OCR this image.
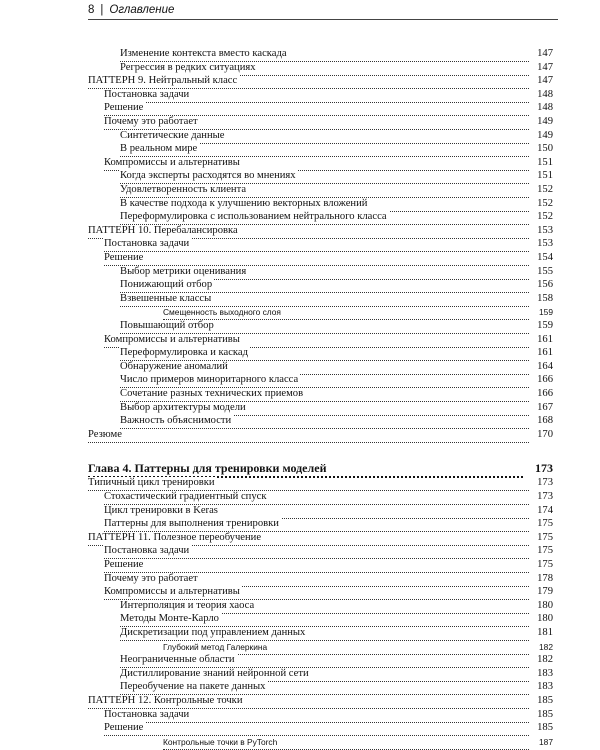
8 | Оглавление
Изменение контекста вместо каскада	147
Регрессия в редких ситуациях	147
ПАТТЕРН 9. Нейтральный класс	147
Постановка задачи	148
Решение	148
Почему это работает	149
Синтетические данные	149
В реальном мире	150
Компромиссы и альтернативы	151
Когда эксперты расходятся во мнениях	151
Удовлетворенность клиента	152
В качестве подхода к улучшению векторных вложений	152
Переформулировка с использованием нейтрального класса	152
ПАТТЕРН 10. Перебалансировка	153
Постановка задачи	153
Решение	154
Выбор метрики оценивания	155
Понижающий отбор	156
Взвешенные классы	158
Смещенность выходного слоя	159
Повышающий отбор	159
Компромиссы и альтернативы	161
Переформулировка и каскад	161
Обнаружение аномалий	164
Число примеров миноритарного класса	166
Сочетание разных технических приемов	166
Выбор архитектуры модели	167
Важность объяснимости	168
Резюме	170
Глава 4. Паттерны для тренировки моделей	173
Типичный цикл тренировки	173
Стохастический градиентный спуск	173
Цикл тренировки в Keras	174
Паттерны для выполнения тренировки	175
ПАТТЕРН 11. Полезное переобучение	175
Постановка задачи	175
Решение	175
Почему это работает	178
Компромиссы и альтернативы	179
Интерполяция и теория хаоса	180
Методы Монте-Карло	180
Дискретизации под управлением данных	181
Глубокий метод Галеркина	182
Неограниченные области	182
Дистиллирование знаний нейронной сети	183
Переобучение на пакете данных	183
ПАТТЕРН 12. Контрольные точки	185
Постановка задачи	185
Решение	185
Контрольные точки в PyTorch	187
